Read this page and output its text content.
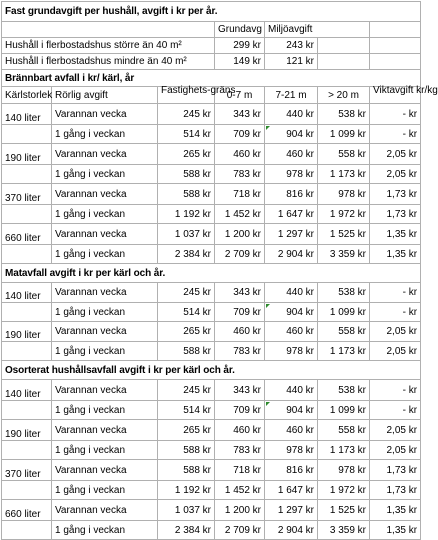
Fast grundavgift per hushåll, avgift i kr per år.						
			Grundavg	Miljöavgift		
Hushåll i flerbostadshus större än 40 m²			299 kr	243 kr		
Hushåll i flerbostadshus mindre än 40 m²			149 kr	121 kr		
Brännbart avfall i kr/ kärl, år						
Kärlstorlek	Rörlig avgift	Fastighets-gräns	0-7 m	7-21 m	> 20 m	Viktavgift kr/kg
140 liter	Varannan vecka	245 kr	343 kr	440 kr	538 kr	- kr
	1 gång i veckan	514 kr	709 kr	904 kr	1 099 kr	- kr
190 liter	Varannan vecka	265 kr	460 kr	460 kr	558 kr	2,05 kr
	1 gång i veckan	588 kr	783 kr	978 kr	1 173 kr	2,05 kr
370 liter	Varannan vecka	588 kr	718 kr	816 kr	978 kr	1,73 kr
	1 gång i veckan	1 192 kr	1 452 kr	1 647 kr	1 972 kr	1,73 kr
660 liter	Varannan vecka	1 037 kr	1 200 kr	1 297 kr	1 525 kr	1,35 kr
	1 gång i veckan	2 384 kr	2 709 kr	2 904 kr	3 359 kr	1,35 kr
Matavfall avgift i kr per kärl och år.						
140 liter	Varannan vecka	245 kr	343 kr	440 kr	538 kr	- kr
	1 gång i veckan	514 kr	709 kr	904 kr	1 099 kr	- kr
190 liter	Varannan vecka	265 kr	460 kr	460 kr	558 kr	2,05 kr
	1 gång i veckan	588 kr	783 kr	978 kr	1 173 kr	2,05 kr
Osorterat hushållsavfall avgift i kr per kärl och år.						
140 liter	Varannan vecka	245 kr	343 kr	440 kr	538 kr	- kr
	1 gång i veckan	514 kr	709 kr	904 kr	1 099 kr	- kr
190 liter	Varannan vecka	265 kr	460 kr	460 kr	558 kr	2,05 kr
	1 gång i veckan	588 kr	783 kr	978 kr	1 173 kr	2,05 kr
370 liter	Varannan vecka	588 kr	718 kr	816 kr	978 kr	1,73 kr
	1 gång i veckan	1 192 kr	1 452 kr	1 647 kr	1 972 kr	1,73 kr
660 liter	Varannan vecka	1 037 kr	1 200 kr	1 297 kr	1 525 kr	1,35 kr
	1 gång i veckan	2 384 kr	2 709 kr	2 904 kr	3 359 kr	1,35 kr
